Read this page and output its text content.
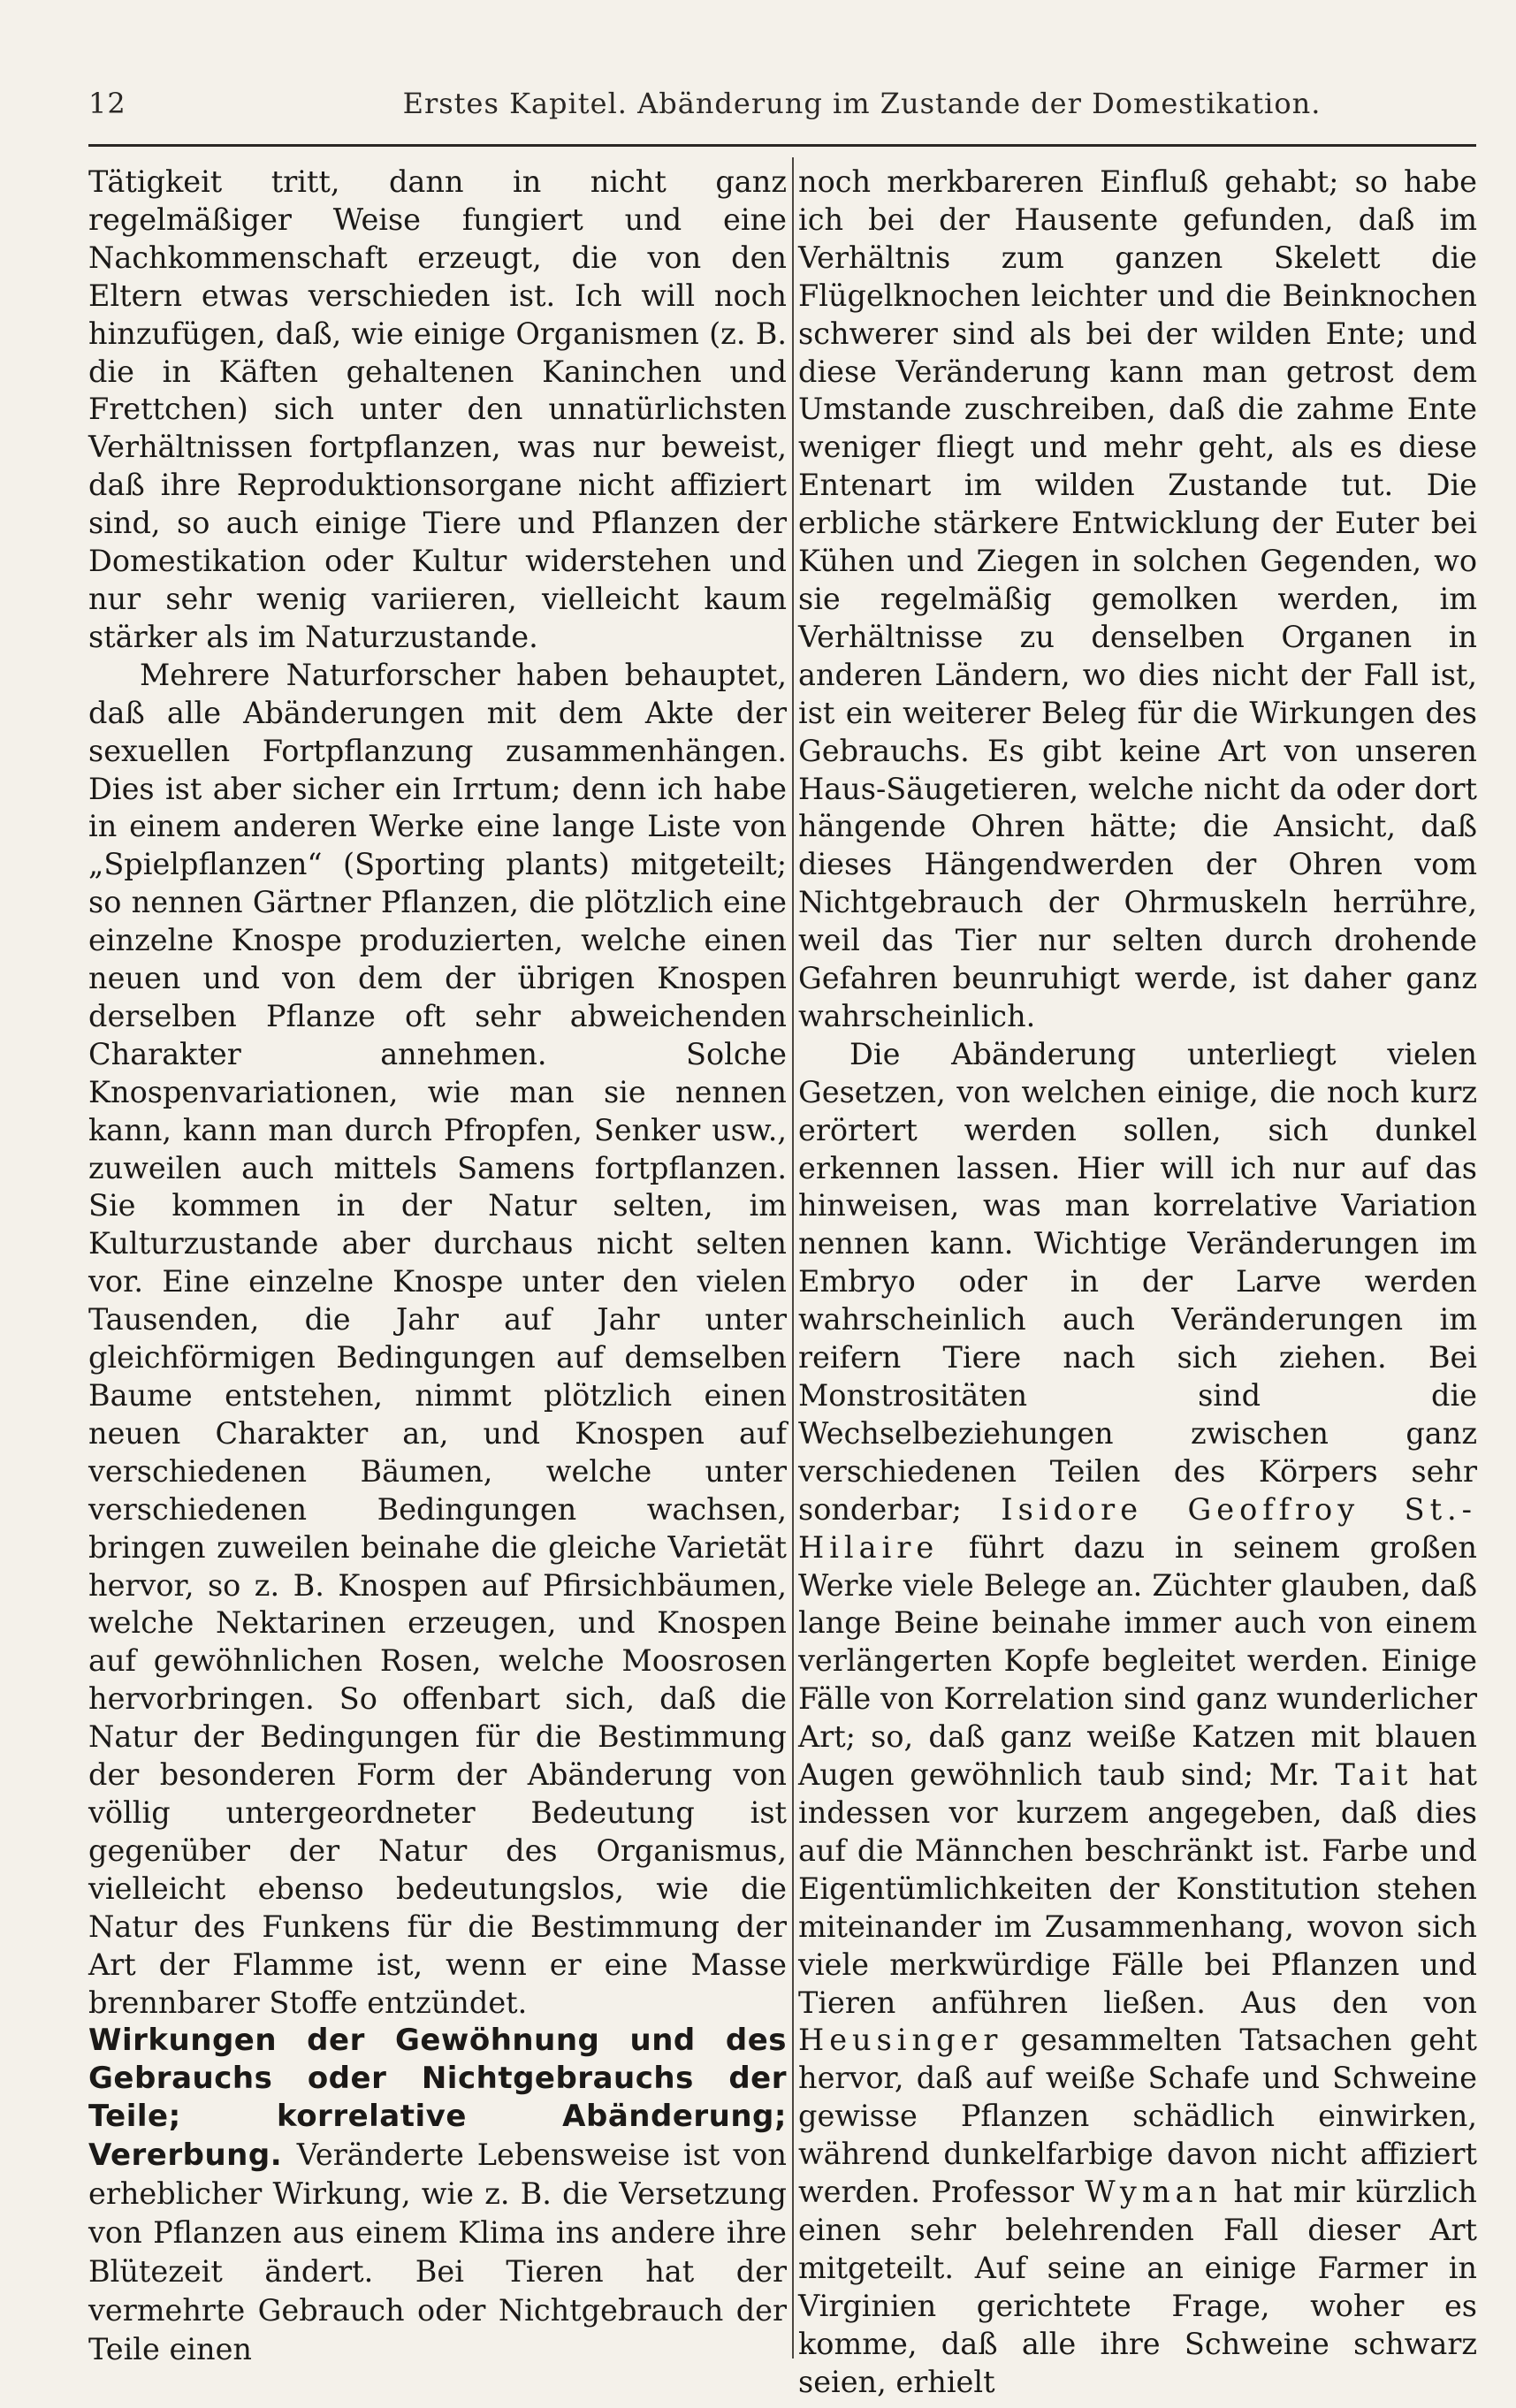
12	Erstes Kapitel. Abänderung im Zustande der Domestikation.

Tätigkeit tritt, dann in nicht ganz regelmäßiger Weise fungiert und eine Nachkommenschaft erzeugt, die von den Eltern etwas verschieden ist. Ich will noch hinzufügen, daß, wie einige Organismen (z. B. die in Käften gehaltenen Kaninchen und Frettchen) sich unter den unnatürlichsten Verhältnissen fortpflanzen, was nur beweist, daß ihre Reproduktionsorgane nicht affiziert sind, so auch einige Tiere und Pflanzen der Domestikation oder Kultur widerstehen und nur sehr wenig variieren, vielleicht kaum stärker als im Naturzustande.

Mehrere Naturforscher haben behauptet, daß alle Abänderungen mit dem Akte der sexuellen Fortpflanzung zusammenhängen. Dies ist aber sicher ein Irrtum; denn ich habe in einem anderen Werke eine lange Liste von „Spielpflanzen“ (Sporting plants) mitgeteilt; so nennen Gärtner Pflanzen, die plötzlich eine einzelne Knospe produzierten, welche einen neuen und von dem der übrigen Knospen derselben Pflanze oft sehr abweichenden Charakter annehmen. Solche Knospenvariationen, wie man sie nennen kann, kann man durch Pfropfen, Senker usw., zuweilen auch mittels Samens fortpflanzen. Sie kommen in der Natur selten, im Kulturzustande aber durchaus nicht selten vor. Eine einzelne Knospe unter den vielen Tausenden, die Jahr auf Jahr unter gleichförmigen Bedingungen auf demselben Baume entstehen, nimmt plötzlich einen neuen Charakter an, und Knospen auf verschiedenen Bäumen, welche unter verschiedenen Bedingungen wachsen, bringen zuweilen beinahe die gleiche Varietät hervor, so z. B. Knospen auf Pfirsichbäumen, welche Nektarinen erzeugen, und Knospen auf gewöhnlichen Rosen, welche Moosrosen hervorbringen. So offenbart sich, daß die Natur der Bedingungen für die Bestimmung der besonderen Form der Abänderung von völlig untergeordneter Bedeutung ist gegenüber der Natur des Organismus, vielleicht ebenso bedeutungslos, wie die Natur des Funkens für die Bestimmung der Art der Flamme ist, wenn er eine Masse brennbarer Stoffe entzündet.

Wirkungen der Gewöhnung und des Gebrauchs oder Nichtgebrauchs der Teile; korrelative Abänderung; Vererbung. Veränderte Lebensweise ist von erheblicher Wirkung, wie z. B. die Versetzung von Pflanzen aus einem Klima ins andere ihre Blütezeit ändert. Bei Tieren hat der vermehrte Gebrauch oder Nichtgebrauch der Teile einen

noch merkbareren Einfluß gehabt; so habe ich bei der Hausente gefunden, daß im Verhältnis zum ganzen Skelett die Flügelknochen leichter und die Beinknochen schwerer sind als bei der wilden Ente; und diese Veränderung kann man getrost dem Umstande zuschreiben, daß die zahme Ente weniger fliegt und mehr geht, als es diese Entenart im wilden Zustande tut. Die erbliche stärkere Entwicklung der Euter bei Kühen und Ziegen in solchen Gegenden, wo sie regelmäßig gemolken werden, im Verhältnisse zu denselben Organen in anderen Ländern, wo dies nicht der Fall ist, ist ein weiterer Beleg für die Wirkungen des Gebrauchs. Es gibt keine Art von unseren Haus-Säugetieren, welche nicht da oder dort hängende Ohren hätte; die Ansicht, daß dieses Hängendwerden der Ohren vom Nichtgebrauch der Ohrmuskeln herrühre, weil das Tier nur selten durch drohende Gefahren beunruhigt werde, ist daher ganz wahrscheinlich.

Die Abänderung unterliegt vielen Gesetzen, von welchen einige, die noch kurz erörtert werden sollen, sich dunkel erkennen lassen. Hier will ich nur auf das hinweisen, was man korrelative Variation nennen kann. Wichtige Veränderungen im Embryo oder in der Larve werden wahrscheinlich auch Veränderungen im reifern Tiere nach sich ziehen. Bei Monstrositäten sind die Wechselbeziehungen zwischen ganz verschiedenen Teilen des Körpers sehr sonderbar; Isidore Geoffroy St.-Hilaire führt dazu in seinem großen Werke viele Belege an. Züchter glauben, daß lange Beine beinahe immer auch von einem verlängerten Kopfe begleitet werden. Einige Fälle von Korrelation sind ganz wunderlicher Art; so, daß ganz weiße Katzen mit blauen Augen gewöhnlich taub sind; Mr. Tait hat indessen vor kurzem angegeben, daß dies auf die Männchen beschränkt ist. Farbe und Eigentümlichkeiten der Konstitution stehen miteinander im Zusammenhang, wovon sich viele merkwürdige Fälle bei Pflanzen und Tieren anführen ließen. Aus den von Heusinger gesammelten Tatsachen geht hervor, daß auf weiße Schafe und Schweine gewisse Pflanzen schädlich einwirken, während dunkelfarbige davon nicht affiziert werden. Professor Wyman hat mir kürzlich einen sehr belehrenden Fall dieser Art mitgeteilt. Auf seine an einige Farmer in Virginien gerichtete Frage, woher es komme, daß alle ihre Schweine schwarz seien, erhielt
